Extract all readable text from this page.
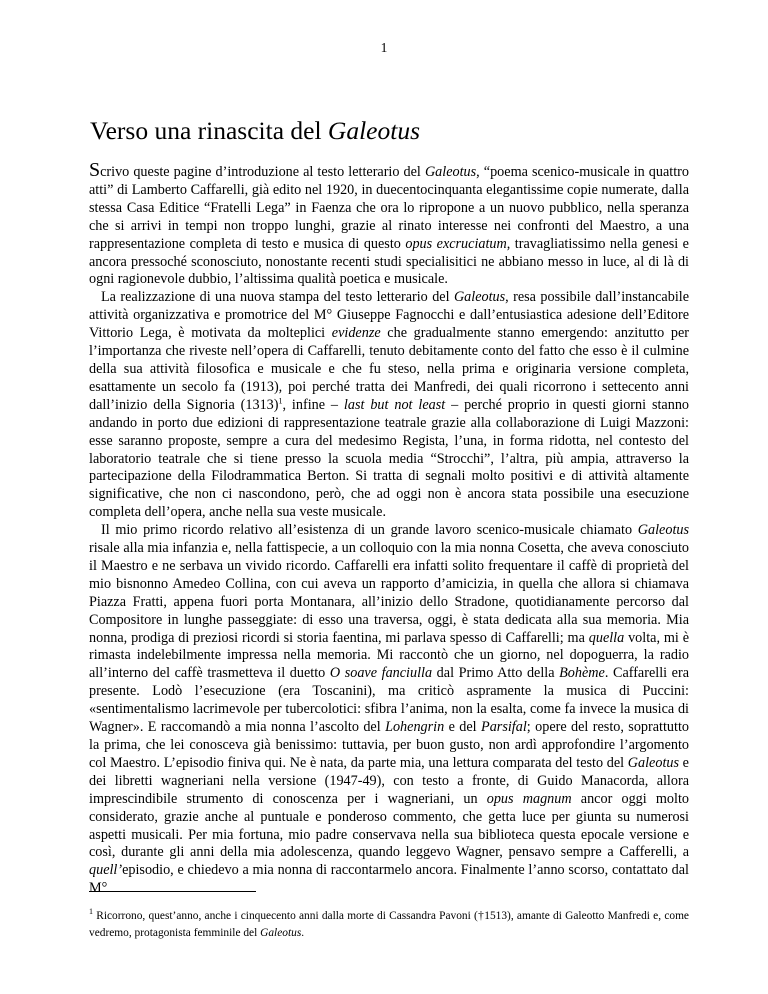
1
Verso una rinascita del Galeotus

Scrivo queste pagine d’introduzione al testo letterario del Galeotus, “poema scenico-musicale in quattro atti” di Lamberto Caffarelli, già edito nel 1920, in duecentocinquanta elegantissime copie numerate, dalla stessa Casa Editice “Fratelli Lega” in Faenza che ora lo ripropone a un nuovo pubblico, nella speranza che si arrivi in tempi non troppo lunghi, grazie al rinato interesse nei confronti del Maestro, a una rappresentazione completa di testo e musica di questo opus excruciatum, travagliatissimo nella genesi e ancora pressoché sconosciuto, nonostante recenti studi specialisitici ne abbiano messo in luce, al di là di ogni ragionevole dubbio, l’altissima qualità poetica e musicale.

La realizzazione di una nuova stampa del testo letterario del Galeotus, resa possibile dall’instancabile attività organizzativa e promotrice del M° Giuseppe Fagnocchi e dall’entusiastica adesione dell’Editore Vittorio Lega, è motivata da molteplici evidenze che gradualmente stanno emergendo: anzitutto per l’importanza che riveste nell’opera di Caffarelli, tenuto debitamente conto del fatto che esso è il culmine della sua attività filosofica e musicale e che fu steso, nella prima e originaria versione completa, esattamente un secolo fa (1913), poi perché tratta dei Manfredi, dei quali ricorrono i settecento anni dall’inizio della Signoria $(1313)^1$, infine – last but not least – perché proprio in questi giorni stanno andando in porto due edizioni di rappresentazione teatrale grazie alla collaborazione di Luigi Mazzoni: esse saranno proposte, sempre a cura del medesimo Regista, l’una, in forma ridotta, nel contesto del laboratorio teatrale che si tiene presso la scuola media “Strocchi”, l’altra, più ampia, attraverso la partecipazione della Filodrammatica Berton. Si tratta di segnali molto positivi e di attività altamente significative, che non ci nascondono, però, che ad oggi non è ancora stata possibile una esecuzione completa dell’opera, anche nella sua veste musicale.

Il mio primo ricordo relativo all’esistenza di un grande lavoro scenico-musicale chiamato Galeotus risale alla mia infanzia e, nella fattispecie, a un colloquio con la mia nonna Cosetta, che aveva conosciuto il Maestro e ne serbava un vivido ricordo. Caffarelli era infatti solito frequentare il caffè di proprietà del mio bisnonno Amedeo Collina, con cui aveva un rapporto d’amicizia, in quella che allora si chiamava Piazza Fratti, appena fuori porta Montanara, all’inizio dello Stradone, quotidianamente percorso dal Compositore in lunghe passeggiate: di esso una traversa, oggi, è stata dedicata alla sua memoria. Mia nonna, prodiga di preziosi ricordi si storia faentina, mi parlava spesso di Caffarelli; ma quella volta, mi è rimasta indelebilmente impressa nella memoria. Mi raccontò che un giorno, nel dopoguerra, la radio all’interno del caffè trasmetteva il duetto O soave fanciulla dal Primo Atto della Bohème. Caffarelli era presente. Lodò l’esecuzione (era Toscanini), ma criticò aspramente la musica di Puccini: «sentimentalismo lacrimevole per tubercolotici: sfibra l’anima, non la esalta, come fa invece la musica di Wagner». E raccomandò a mia nonna l’ascolto del Lohengrin e del Parsifal; opere del resto, soprattutto la prima, che lei conosceva già benissimo: tuttavia, per buon gusto, non ardì approfondire l’argomento col Maestro. L’episodio finiva qui. Ne è nata, da parte mia, una lettura comparata del testo del Galeotus e dei libretti wagneriani nella versione (1947-49), con testo a fronte, di Guido Manacorda, allora imprescindibile strumento di conoscenza per i wagneriani, un opus magnum ancor oggi molto considerato, grazie anche al puntuale e ponderoso commento, che getta luce per giunta su numerosi aspetti musicali. Per mia fortuna, mio padre conservava nella sua biblioteca questa epocale versione e così, durante gli anni della mia adolescenza, quando leggevo Wagner, pensavo sempre a Cafferelli, a quell’episodio, e chiedevo a mia nonna di raccontarmelo ancora. Finalmente l’anno scorso, contattato dal M°

$^1$ Ricorrono, quest’anno, anche i cinquecento anni dalla morte di Cassandra Pavoni (†1513), amante di Galeotto Manfredi e, come vedremo, protagonista femminile del Galeotus.
